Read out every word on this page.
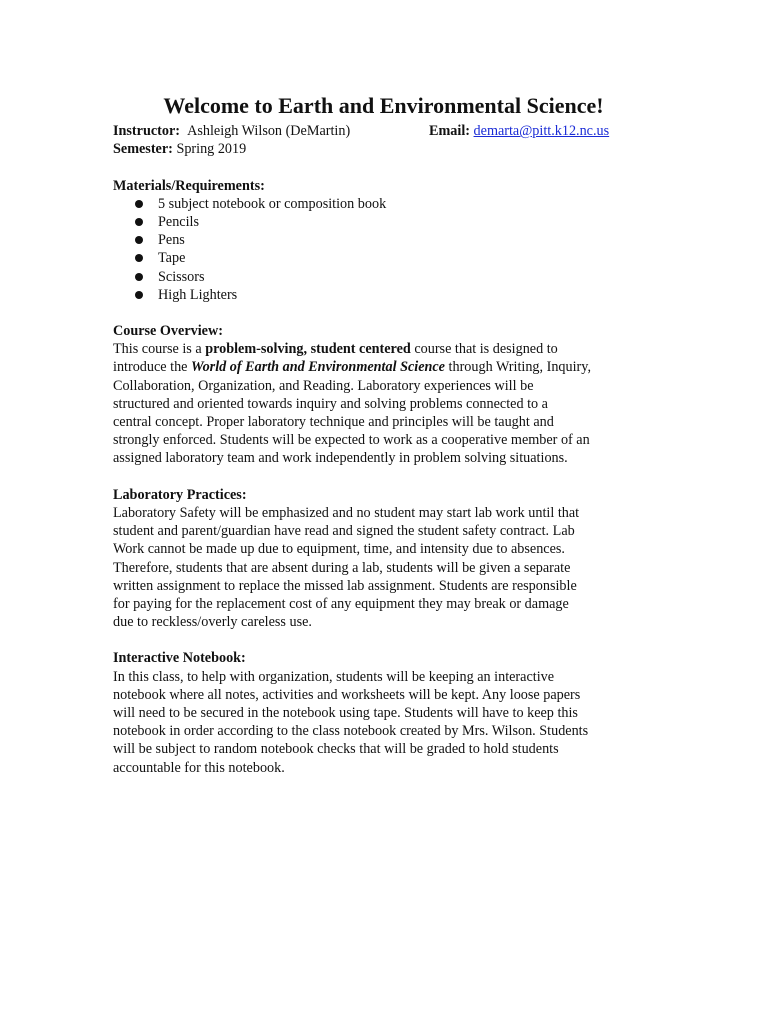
Welcome to Earth and Environmental Science!
Instructor: Ashleigh Wilson (DeMartin)	Email: demarta@pitt.k12.nc.us
Semester: Spring 2019
Materials/Requirements:
5 subject notebook or composition book
Pencils
Pens
Tape
Scissors
High Lighters
Course Overview:

This course is a problem-solving, student centered course that is designed to
introduce the World of Earth and Environmental Science through Writing, Inquiry,
Collaboration, Organization, and Reading. Laboratory experiences will be
structured and oriented towards inquiry and solving problems connected to a
central concept. Proper laboratory technique and principles will be taught and
strongly enforced. Students will be expected to work as a cooperative member of an
assigned laboratory team and work independently in problem solving situations.

Laboratory Practices:

Laboratory Safety will be emphasized and no student may start lab work until that
student and parent/guardian have read and signed the student safety contract. Lab
Work cannot be made up due to equipment, time, and intensity due to absences.
Therefore, students that are absent during a lab, students will be given a separate
written assignment to replace the missed lab assignment. Students are responsible
for paying for the replacement cost of any equipment they may break or damage
due to reckless/overly careless use.

Interactive Notebook:

In this class, to help with organization, students will be keeping an interactive
notebook where all notes, activities and worksheets will be kept. Any loose papers
will need to be secured in the notebook using tape. Students will have to keep this
notebook in order according to the class notebook created by Mrs. Wilson. Students
will be subject to random notebook checks that will be graded to hold students
accountable for this notebook.
